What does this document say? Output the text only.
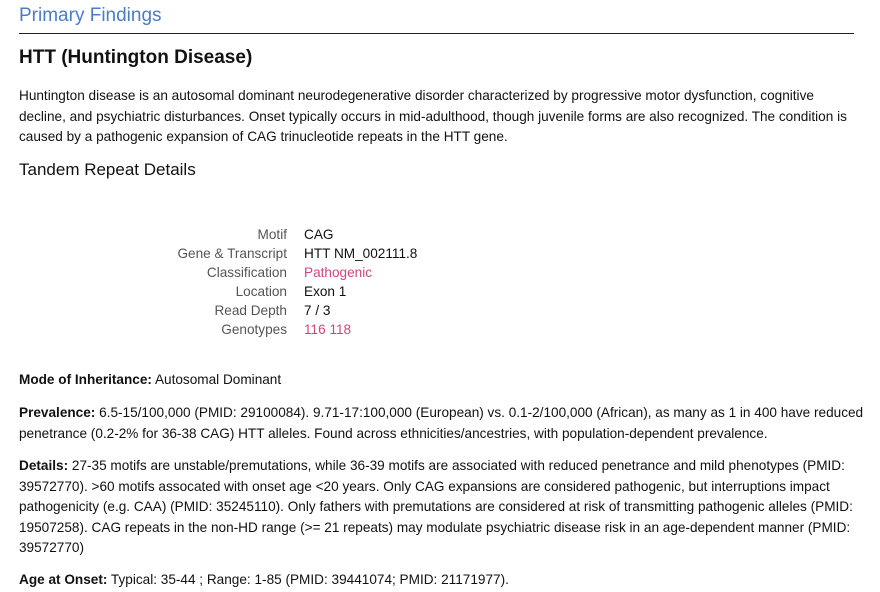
Primary Findings
HTT (Huntington Disease)

Huntington disease is an autosomal dominant neurodegenerative disorder characterized by progressive motor dysfunction, cognitive decline, and psychiatric disturbances. Onset typically occurs in mid-adulthood, though juvenile forms are also recognized. The condition is caused by a pathogenic expansion of CAG trinucleotide repeats in the HTT gene.

Tandem Repeat Details
Motif	CAG
Gene & Transcript	HTT NM_002111.8
Classification	Pathogenic
Location	Exon 1
Read Depth	7 / 3
Genotypes	116 118

Mode of Inheritance: Autosomal Dominant

Prevalence: 6.5-15/100,000 (PMID: 29100084). 9.71-17:100,000 (European) vs. 0.1-2/100,000 (African), as many as 1 in 400 have reduced penetrance (0.2-2% for 36-38 CAG) HTT alleles. Found across ethnicities/ancestries, with population-dependent prevalence.

Details: 27-35 motifs are unstable/premutations, while 36-39 motifs are associated with reduced penetrance and mild phenotypes (PMID: 39572770). >60 motifs assocated with onset age <20 years. Only CAG expansions are considered pathogenic, but interruptions impact pathogenicity (e.g. CAA) (PMID: 35245110). Only fathers with premutations are considered at risk of transmitting pathogenic alleles (PMID: 19507258). CAG repeats in the non-HD range (>= 21 repeats) may modulate psychiatric disease risk in an age-dependent manner (PMID: 39572770)

Age at Onset: Typical: 35-44 ; Range: 1-85 (PMID: 39441074; PMID: 21171977).
